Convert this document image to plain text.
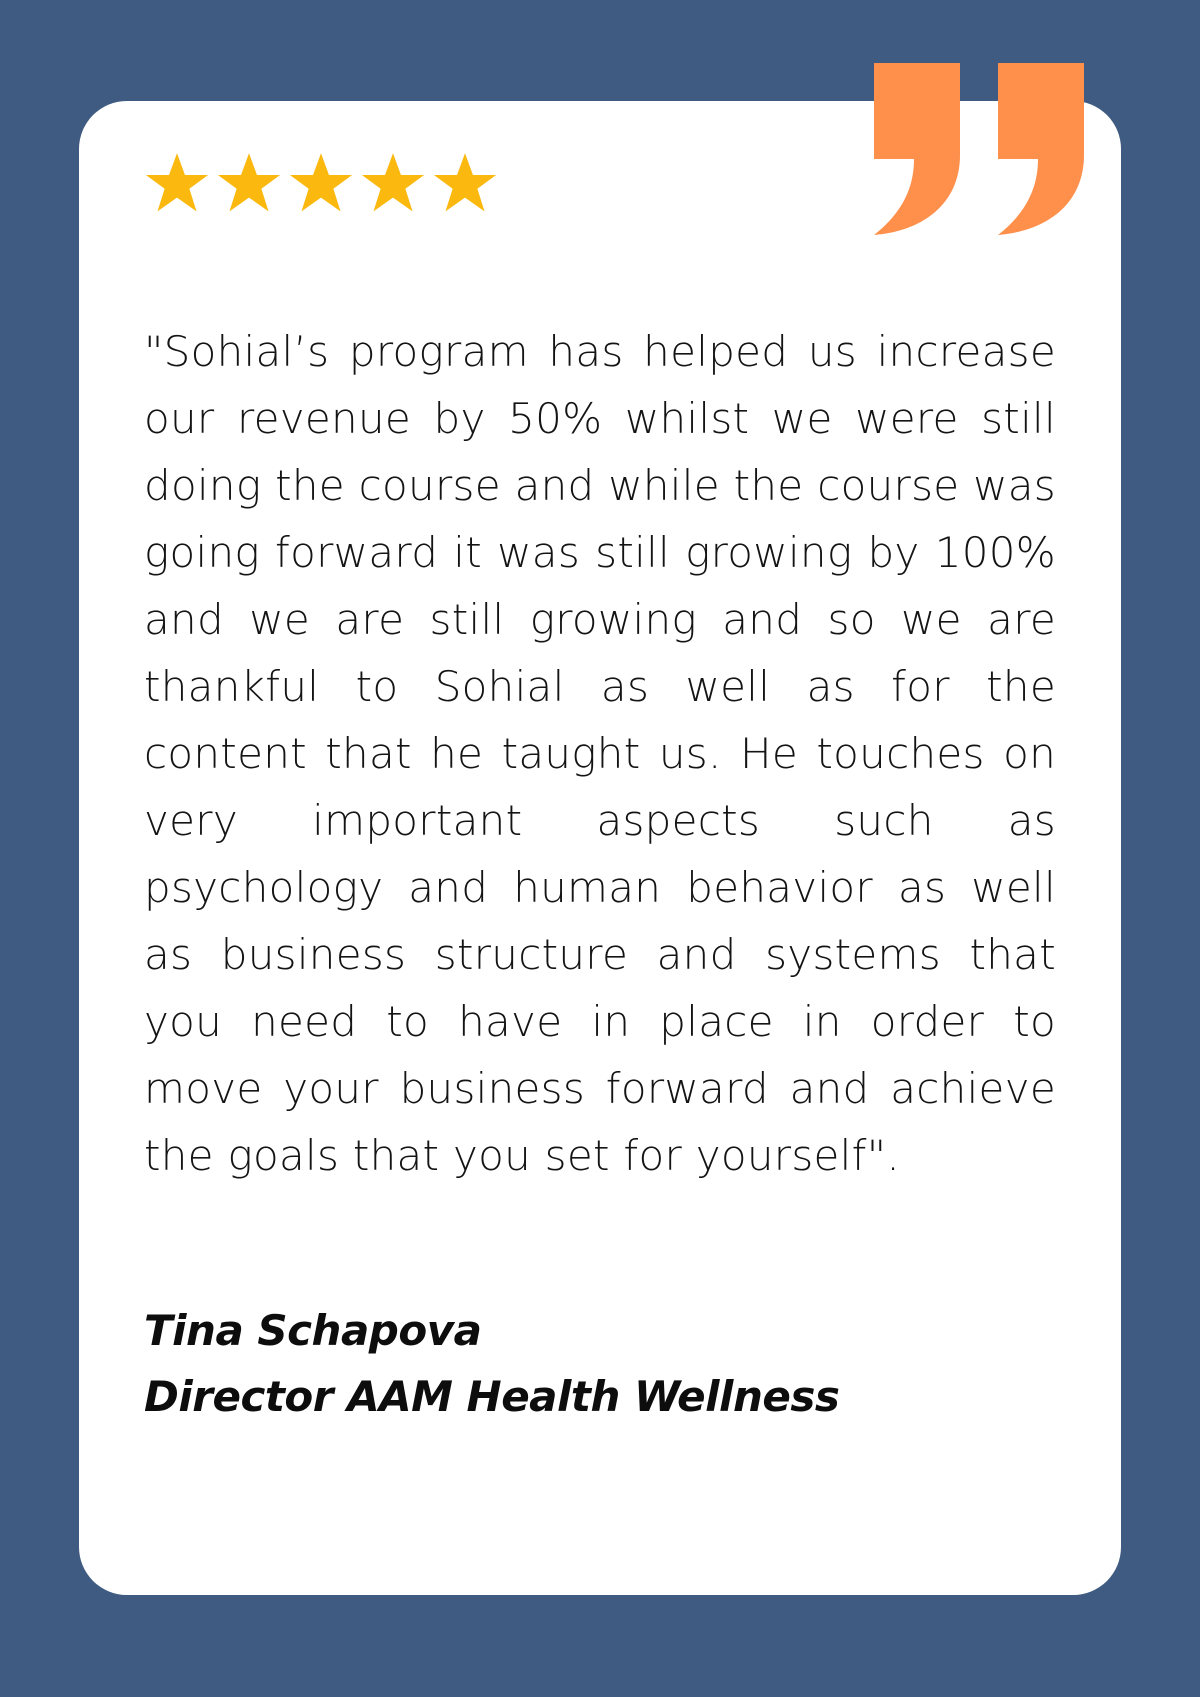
"Sohial’s program has helped us increase our revenue by 50% whilst we were still doing the course and while the course was going forward it was still growing by 100% and we are still growing and so we are thankful to Sohial as well as for the content that he taught us. He touches on very important aspects such as psychology and human behavior as well as business structure and systems that you need to have in place in order to move your business forward and achieve the goals that you set for yourself".

Tina Schapova
Director AAM Health Wellness
